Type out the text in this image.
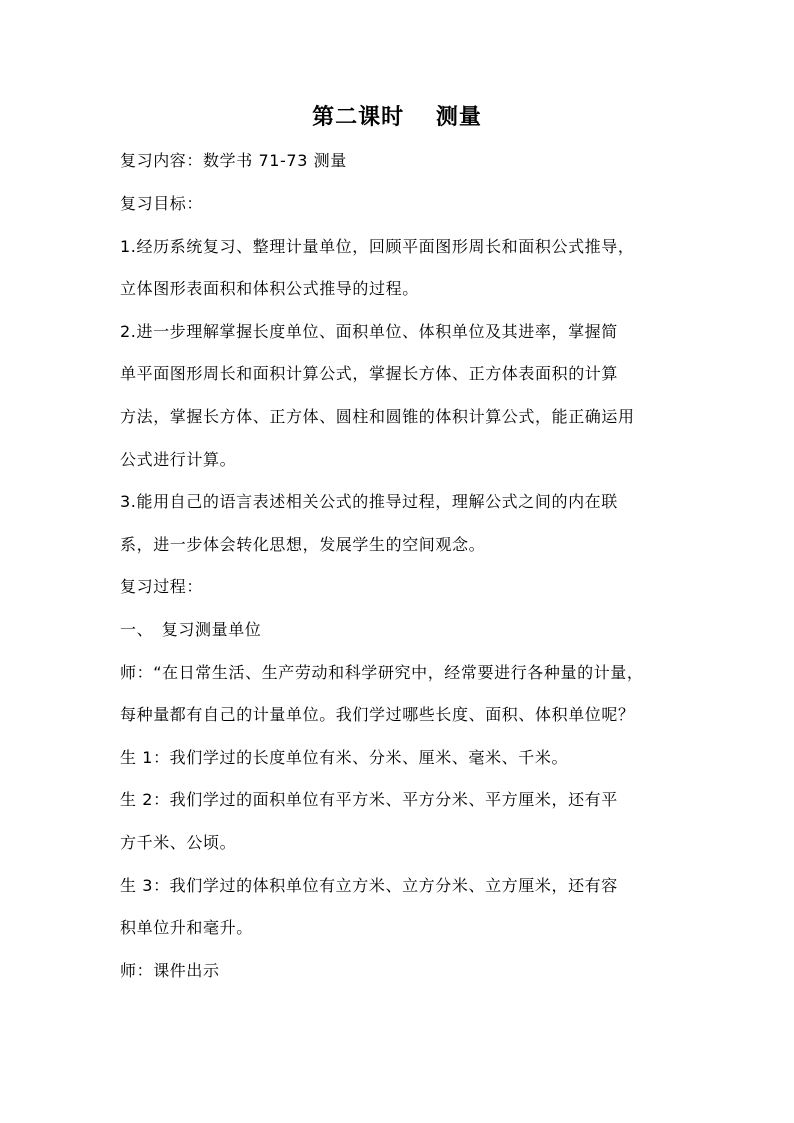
第二课时　 测量
复习内容：数学书 71-73 测量
复习目标：
1.经历系统复习、整理计量单位，回顾平面图形周长和面积公式推导，
立体图形表面积和体积公式推导的过程。
2.进一步理解掌握长度单位、面积单位、体积单位及其进率，掌握简
单平面图形周长和面积计算公式，掌握长方体、正方体表面积的计算
方法，掌握长方体、正方体、圆柱和圆锥的体积计算公式，能正确运用
公式进行计算。
3.能用自己的语言表述相关公式的推导过程，理解公式之间的内在联
系，进一步体会转化思想，发展学生的空间观念。
复习过程：
一、　复习测量单位
师：“在日常生活、生产劳动和科学研究中，经常要进行各种量的计量，
每种量都有自己的计量单位。我们学过哪些长度、面积、体积单位呢？
生 1：我们学过的长度单位有米、分米、厘米、毫米、千米。
生 2：我们学过的面积单位有平方米、平方分米、平方厘米，还有平
方千米、公顷。
生 3：我们学过的体积单位有立方米、立方分米、立方厘米，还有容
积单位升和毫升。
师：课件出示
